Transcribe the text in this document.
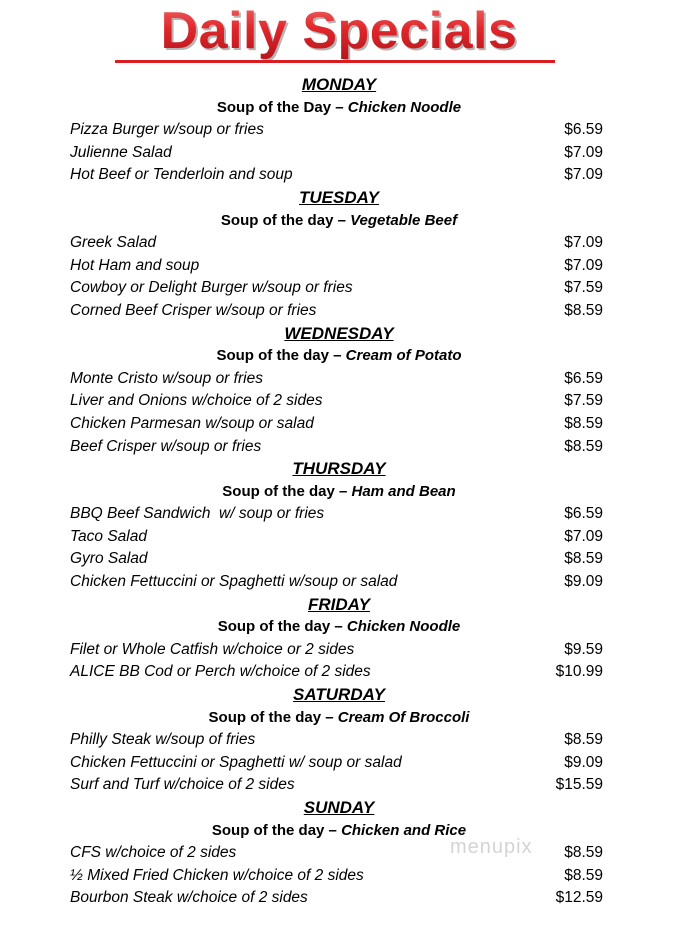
Daily Specials
MONDAY
Soup of the Day – Chicken Noodle
Pizza Burger w/soup or fries	$6.59
Julienne Salad	$7.09
Hot Beef or Tenderloin and soup	$7.09
TUESDAY
Soup of the day – Vegetable Beef
Greek Salad	$7.09
Hot Ham and soup	$7.09
Cowboy or Delight Burger w/soup or fries	$7.59
Corned Beef Crisper w/soup or fries	$8.59
WEDNESDAY
Soup of the day – Cream of Potato
Monte Cristo w/soup or fries	$6.59
Liver and Onions w/choice of 2 sides	$7.59
Chicken Parmesan w/soup or salad	$8.59
Beef Crisper w/soup or fries	$8.59
THURSDAY
Soup of the day – Ham and Bean
BBQ Beef Sandwich  w/ soup or fries	$6.59
Taco Salad	$7.09
Gyro Salad	$8.59
Chicken Fettuccini or Spaghetti w/soup or salad	$9.09
FRIDAY
Soup of the day – Chicken Noodle
Filet or Whole Catfish w/choice or 2 sides	$9.59
ALICE BB Cod or Perch w/choice of 2 sides	$10.99
SATURDAY
Soup of the day – Cream Of Broccoli
Philly Steak w/soup of fries	$8.59
Chicken Fettuccini or Spaghetti w/ soup or salad	$9.09
Surf and Turf w/choice of 2 sides	$15.59
SUNDAY
Soup of the day – Chicken and Rice
CFS w/choice of 2 sides	$8.59
½ Mixed Fried Chicken w/choice of 2 sides	$8.59
Bourbon Steak w/choice of 2 sides	$12.59
menupix
